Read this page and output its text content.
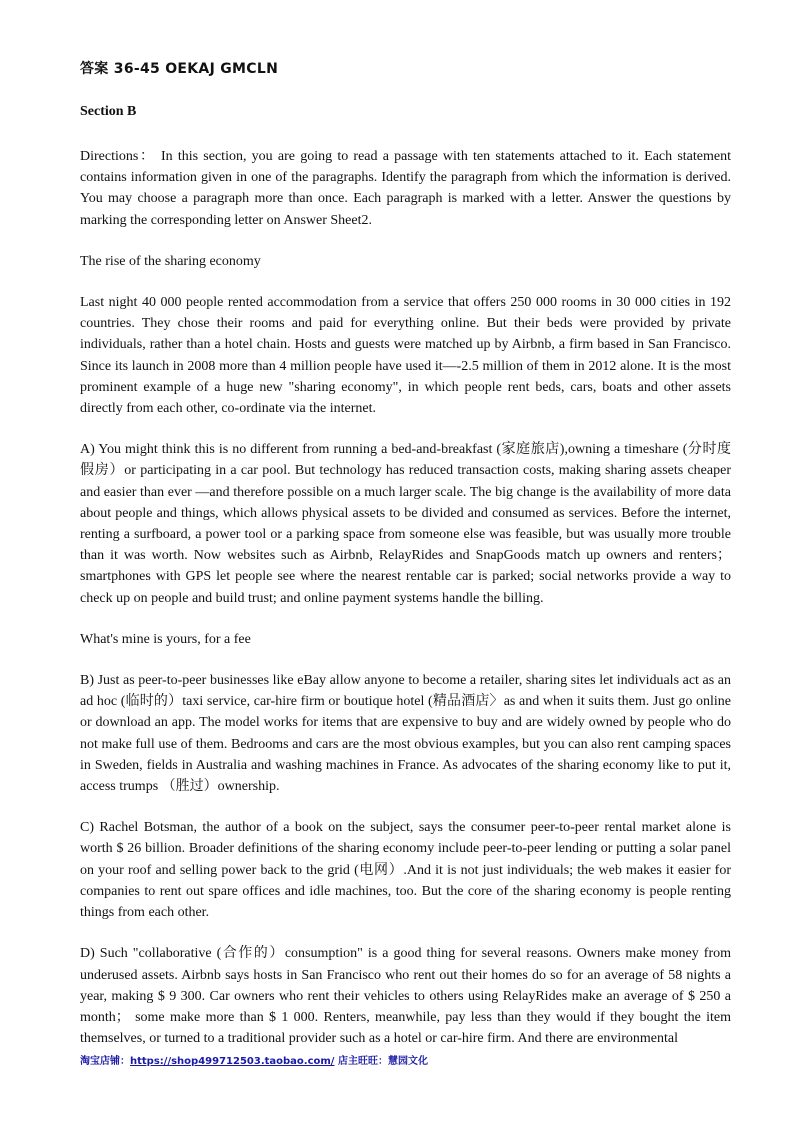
答案 36-45 OEKAJ GMCLN
Section B

Directions： In this section, you are going to read a passage with ten statements attached to it. Each statement contains information given in one of the paragraphs. Identify the paragraph from which the information is derived. You may choose a paragraph more than once. Each paragraph is marked with a letter. Answer the questions by marking the corresponding letter on Answer Sheet2.

The rise of the sharing economy

Last night 40 000 people rented accommodation from a service that offers 250 000 rooms in 30 000 cities in 192 countries. They chose their rooms and paid for everything online. But their beds were provided by private individuals, rather than a hotel chain. Hosts and guests were matched up by Airbnb, a firm based in San Francisco. Since its launch in 2008 more than 4 million people have used it—-2.5 million of them in 2012 alone. It is the most prominent example of a huge new "sharing economy", in which people rent beds, cars, boats and other assets directly from each other, co-ordinate via the internet.

A) You might think this is no different from running a bed-and-breakfast (家庭旅店),owning a timeshare (分时度假房）or participating in a car pool. But technology has reduced transaction costs, making sharing assets cheaper and easier than ever —and therefore possible on a much larger scale. The big change is the availability of more data about people and things, which allows physical assets to be divided and consumed as services. Before the internet, renting a surfboard, a power tool or a parking space from someone else was feasible, but was usually more trouble than it was worth. Now websites such as Airbnb, RelayRides and SnapGoods match up owners and renters； smartphones with GPS let people see where the nearest rentable car is parked; social networks provide a way to check up on people and build trust; and online payment systems handle the billing.

What's mine is yours, for a fee

B) Just as peer-to-peer businesses like eBay allow anyone to become a retailer, sharing sites let individuals act as an ad hoc (临时的）taxi service, car-hire firm or boutique hotel (精品酒店〉as and when it suits them. Just go online or download an app. The model works for items that are expensive to buy and are widely owned by people who do not make full use of them. Bedrooms and cars are the most obvious examples, but you can also rent camping spaces in Sweden, fields in Australia and washing machines in France. As advocates of the sharing economy like to put it, access trumps （胜过）ownership.

C) Rachel Botsman, the author of a book on the subject, says the consumer peer-to-peer rental market alone is worth $ 26 billion. Broader definitions of the sharing economy include peer-to-peer lending or putting a solar panel on your roof and selling power back to the grid (电网）.And it is not just individuals; the web makes it easier for companies to rent out spare offices and idle machines, too. But the core of the sharing economy is people renting things from each other.

D) Such "collaborative (合作的）consumption" is a good thing for several reasons. Owners make money from underused assets. Airbnb says hosts in San Francisco who rent out their homes do so for an average of 58 nights a year, making $ 9 300. Car owners who rent their vehicles to others using RelayRides make an average of $ 250 a month； some make more than $ 1 000. Renters, meanwhile, pay less than they would if they bought the item themselves, or turned to a traditional provider such as a hotel or car-hire firm. And there are environmental

淘宝店铺：https://shop499712503.taobao.com/ 店主旺旺：慧园文化
